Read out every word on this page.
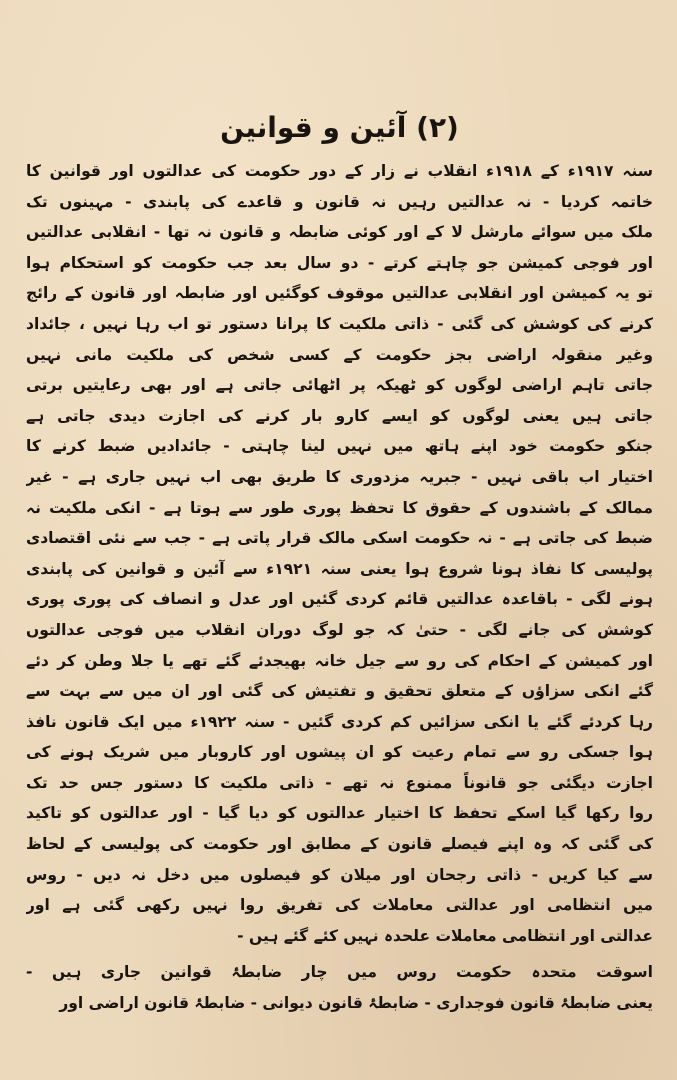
(۲) آئین و قوانین
سنہ ۱۹۱۷ء کے ۱۹۱۸ء انقلاب نے زار کے دور حکومت کی عدالتوں اور قوانین کا
خاتمہ کردیا - نہ عدالتیں رہیں نہ قانون و قاعدے کی پابندی - مہینوں تک
ملک میں سوائے مارشل لا کے اور کوئی ضابطہ و قانون نہ تھا - انقلابی عدالتیں
اور فوجی کمیشن جو چاہتے کرتے - دو سال بعد جب حکومت کو استحکام ہوا
تو یہ کمیشن اور انقلابی عدالتیں موقوف کوگئیں اور ضابطہ اور قانون کے رائج
کرنے کی کوشش کی گئی - ذاتی ملکیت کا پرانا دستور تو اب رہا نہیں ، جائداد
وغیر منقولہ اراضی بجز حکومت کے کسی شخص کی ملکیت مانی نہیں
جاتی تاہم اراضی لوگوں کو ٹھیکہ پر اٹھائی جاتی ہے اور بھی رعایتیں برتی
جاتی ہیں یعنی لوگوں کو ایسے کارو بار کرنے کی اجازت دیدی جاتی ہے
جنکو حکومت خود اپنے ہاتھ میں نہیں لینا چاہتی - جائدادیں ضبط کرنے کا
اختیار اب باقی نہیں - جبریہ مزدوری کا طریق بھی اب نہیں جاری ہے - غیر
ممالک کے باشندوں کے حقوق کا تحفظ پوری طور سے ہوتا ہے - انکی ملکیت نہ
ضبط کی جاتی ہے - نہ حکومت اسکی مالک قرار پاتی ہے - جب سے نئی اقتصادی
پولیسی کا نفاذ ہونا شروع ہوا یعنی سنہ ۱۹۲۱ء سے آئین و قوانین کی پابندی
ہونے لگی - باقاعدہ عدالتیں قائم کردی گئیں اور عدل و انصاف کی پوری پوری
کوشش کی جانے لگی - حتیٰ کہ جو لوگ دوران انقلاب میں فوجی عدالتوں
اور کمیشن کے احکام کی رو سے جیل خانہ بھیجدئے گئے تھے یا جلا وطن کر دئے
گئے انکی سزاؤں کے متعلق تحقیق و تفتیش کی گئی اور ان میں سے بہت سے
رہا کردئے گئے یا انکی سزائیں کم کردی گئیں - سنہ ۱۹۲۲ء میں ایک قانون نافذ
ہوا جسکی رو سے تمام رعیت کو ان پیشوں اور کاروبار میں شریک ہونے کی
اجازت دیگئی جو قانوناً ممنوع نہ تھے - ذاتی ملکیت کا دستور جس حد تک
روا رکھا گیا اسکے تحفظ کا اختیار عدالتوں کو دیا گیا - اور عدالتوں کو تاکید
کی گئی کہ وہ اپنے فیصلے قانون کے مطابق اور حکومت کی پولیسی کے لحاظ
سے کیا کریں - ذاتی رجحان اور میلان کو فیصلوں میں دخل نہ دیں - روس
میں انتظامی اور عدالتی معاملات کی تفریق روا نہیں رکھی گئی ہے اور
عدالتی اور انتظامی معاملات علحدہ نہیں کئے گئے ہیں -
اسوقت متحدہ حکومت روس میں چار ضابطۂ قوانین جاری ہیں -
یعنی ضابطۂ قانون فوجداری - ضابطۂ قانون دیوانی - ضابطۂ قانون اراضی اور
